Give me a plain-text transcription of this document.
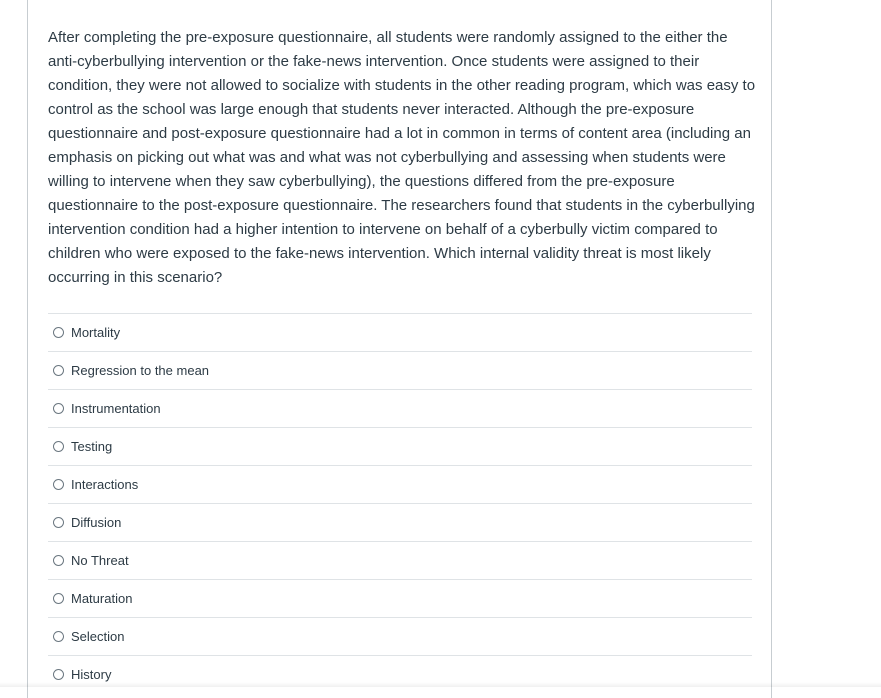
After completing the pre-exposure questionnaire, all students were randomly assigned to the either the anti-cyberbullying intervention or the fake-news intervention. Once students were assigned to their condition, they were not allowed to socialize with students in the other reading program, which was easy to control as the school was large enough that students never interacted. Although the pre-exposure questionnaire and post-exposure questionnaire had a lot in common in terms of content area (including an emphasis on picking out what was and what was not cyberbullying and assessing when students were willing to intervene when they saw cyberbullying), the questions differed from the pre-exposure questionnaire to the post-exposure questionnaire. The researchers found that students in the cyberbullying intervention condition had a higher intention to intervene on behalf of a cyberbully victim compared to children who were exposed to the fake-news intervention. Which internal validity threat is most likely occurring in this scenario?

Mortality
Regression to the mean
Instrumentation
Testing
Interactions
Diffusion
No Threat
Maturation
Selection
History
